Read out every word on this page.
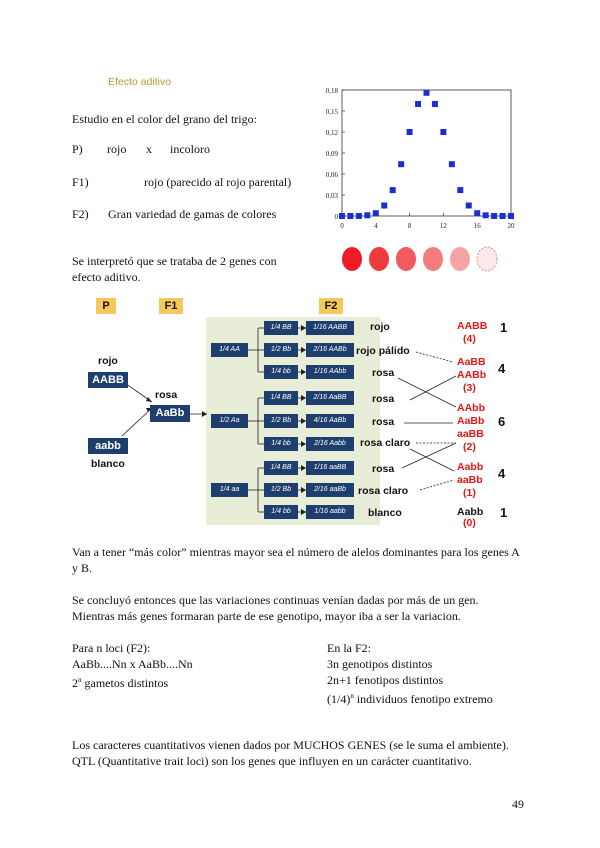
Efecto aditivo
Estudio en el color del grano del trigo:
P) rojo x incoloro
F1)	rojo (parecido al rojo parental)
F2) Gran variedad de gamas de colores
Se interpretó que se trataba de 2 genes con
efecto aditivo.
0
0,03
0,06
0,09
0,12
0,15
0,18
0	4	8	12	16	20
P	F1	F2
rojo
AABB
aabb
blanco
rosa
AaBb
1/4 AA
1/2 Aa
1/4 aa
1/4 BB
1/2 Bb
1/4 bb
1/4 BB
1/2 Bb
1/4 bb
1/4 BB
1/2 Bb
1/4 bb
1/16 AABB
2/16 AABb
1/16 AAbb
2/16 AaBB
4/16 AaBb
2/16 Aabb
1/16 aaBB
2/16 aaBb
1/16 aabb
rojo
rojo pálido
rosa
rosa
rosa
rosa claro
rosa
rosa claro
blanco
AABB
(4)
1
AaBB
AABb
(3)
4
AAbb
AaBb
aaBB
(2)
6
Aabb
aaBb
(1)
4
Aabb
(0)
1
Van a tener “más color” mientras mayor sea el número de alelos dominantes para los genes A
y B.
Se concluyó entonces que las variaciones continuas venían dadas por más de un gen.
Mientras más genes formaran parte de ese genotipo, mayor iba a ser la variacion.
Para n loci (F2):
AaBb....Nn x AaBb....Nn
2$^n$ gametos distintos
En la F2:
3n genotipos distintos
2n+1 fenotipos distintos
$(1/4)^n$ individuos fenotipo extremo
Los caracteres cuantitativos vienen dados por MUCHOS GENES (se le suma el ambiente).
QTL (Quantitative trait loci) son los genes que influyen en un carácter cuantitativo.
49
